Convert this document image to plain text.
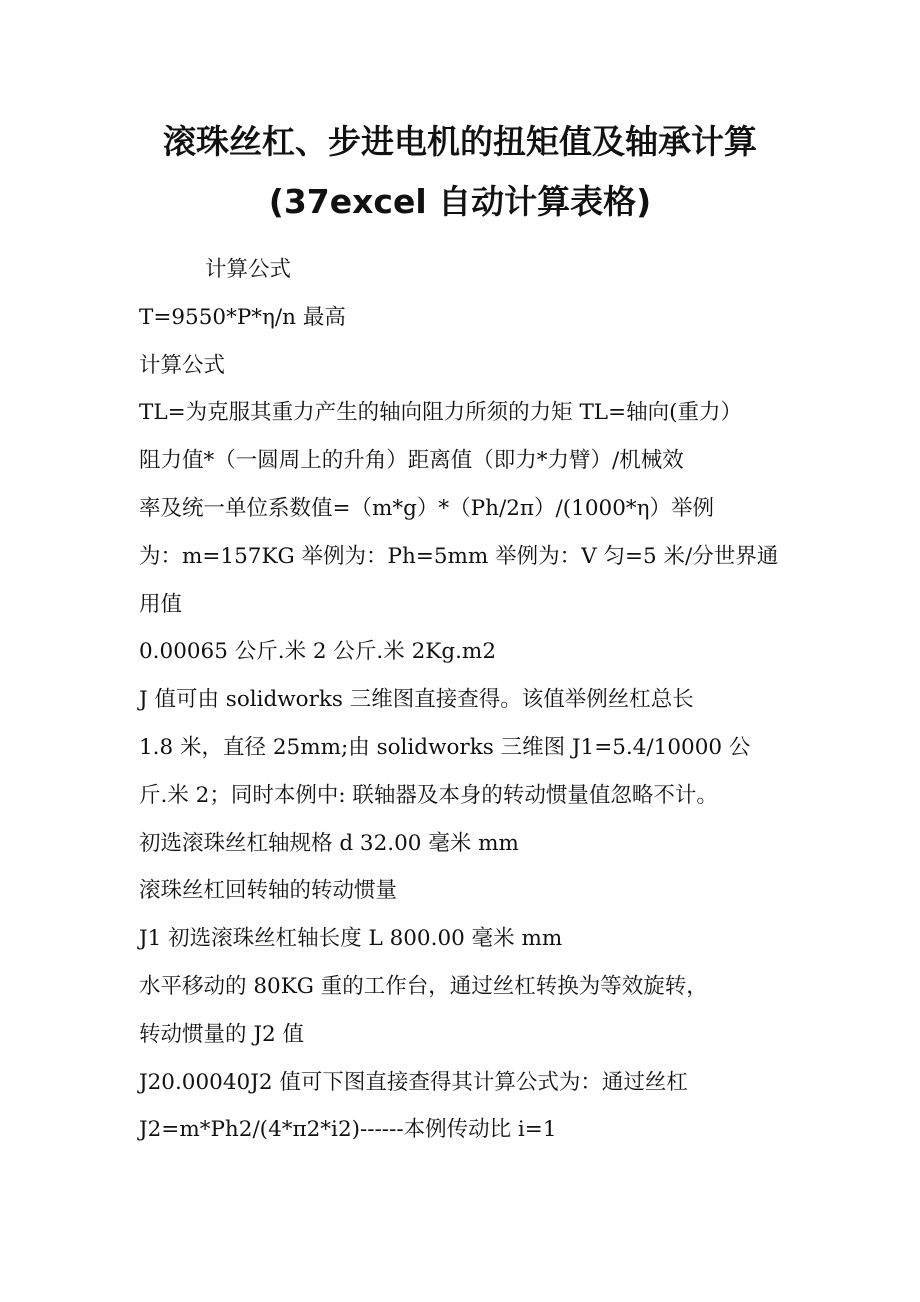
滚珠丝杠、步进电机的扭矩值及轴承计算
(37excel 自动计算表格)

计算公式

T=9550*P*η/n 最高

计算公式

TL=为克服其重力产生的轴向阻力所须的力矩 TL=轴向(重力）

阻力值*（一圆周上的升角）距离值（即力*力臂）/机械效

率及统一单位系数值=（m*g）*（Ph/2π）/(1000*η）举例

为：m=157KG 举例为：Ph=5mm 举例为：V 匀=5 米/分世界通

用值

0.00065 公斤.米 2 公斤.米 2Kg.m2

J 值可由 solidworks 三维图直接查得。该值举例丝杠总长

1.8 米，直径 25mm;由 solidworks 三维图 J1=5.4/10000 公

斤.米 2；同时本例中: 联轴器及本身的转动惯量值忽略不计。

初选滚珠丝杠轴规格 d 32.00 毫米 mm

滚珠丝杠回转轴的转动惯量

J1 初选滚珠丝杠轴长度 L 800.00 毫米 mm

水平移动的 80KG 重的工作台，通过丝杠转换为等效旋转，

转动惯量的 J2 值

J20.00040J2 值可下图直接查得其计算公式为：通过丝杠

J2=m*Ph2/(4*π2*i2)------本例传动比 i=1
